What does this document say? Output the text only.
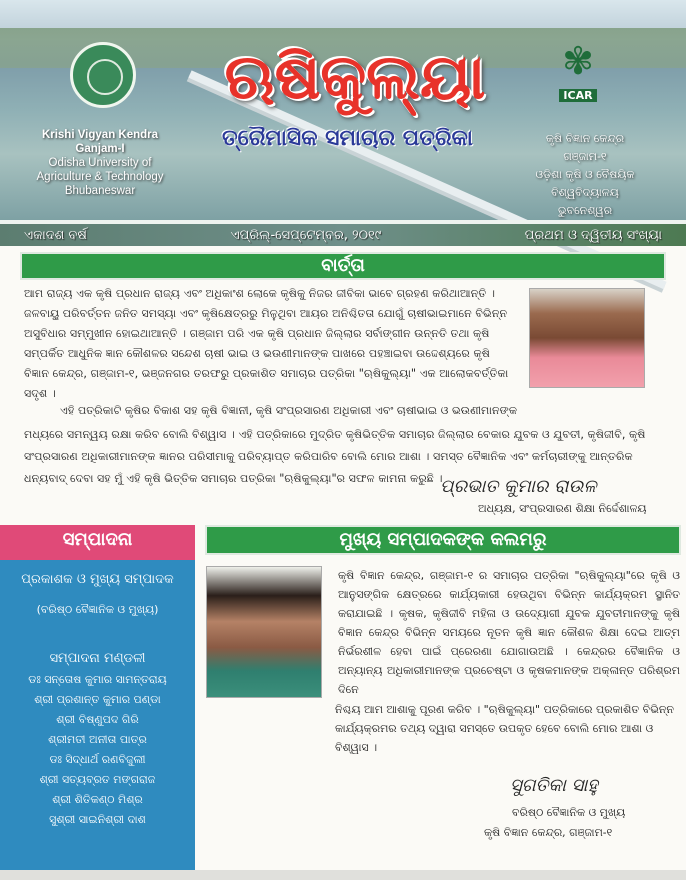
✾
ICAR
ଋଷିକୁଲ୍ୟା
ତ୍ରୈମାସିକ ସମାଚାର ପତ୍ରିକା
Krishi Vigyan Kendra
Ganjam-I
Odisha University of
Agriculture & Technology
Bhubaneswar
କୃଷି ବିଜ୍ଞାନ କେନ୍ଦ୍ର
ଗଞ୍ଜାମ-୧
ଓଡ଼ିଶା କୃଷି ଓ ବୈଷୟିକ ବିଶ୍ୱବିଦ୍ୟାଳୟ
ଭୁବନେଶ୍ୱର
ଏକାଦଶ ବର୍ଷ	ଏପ୍ରିଲ୍-ସେପ୍ଟେମ୍ବର, ୨୦୧୯	ପ୍ରଥମ ଓ ଦ୍ୱିତୀୟ ସଂଖ୍ୟା
ବାର୍ତ୍ତା
ଆମ ରାଜ୍ୟ ଏକ କୃଷି ପ୍ରଧାନ ରାଜ୍ୟ ଏବଂ ଅଧିକାଂଶ ଲୋକେ କୃଷିକୁ ନିଜର ଜୀବିକା ଭାବେ ଗ୍ରହଣ କରିଥାଆନ୍ତି । ଜଳବାୟୁ ପରିବର୍ତ୍ତନ ଜନିତ ସମସ୍ୟା ଏବଂ କୃଷିକ୍ଷେତ୍ରରୁ ମିଳୁଥିବା ଆୟର ଅନିଶ୍ଚିତତା ଯୋଗୁଁ ଚାଷୀଭାଇମାନେ ବିଭିନ୍ନ ଅସୁବିଧାର ସମ୍ମୁଖୀନ ହୋଇଥାଆନ୍ତି । ଗଞ୍ଜାମ ପରି ଏକ କୃଷି ପ୍ରଧାନ ଜିଲ୍ଲାର ସର୍ବାଙ୍ଗୀନ ଉନ୍ନତି ତଥା କୃଷି ସମ୍ପର୍କିତ ଆଧୁନିକ ଜ୍ଞାନ କୌଶଳର ସନ୍ଦେଶ ଚାଷୀ ଭାଇ ଓ ଭଉଣୀମାନଙ୍କ ପାଖରେ ପହଞ୍ଚାଇବା ଉଦ୍ଦେଶ୍ୟରେ କୃଷି ବିଜ୍ଞାନ କେନ୍ଦ୍ର, ଗଞ୍ଜାମ-୧, ଭଞ୍ଜନଗର ତରଫରୁ ପ୍ରକାଶିତ ସମାଚାର ପତ୍ରିକା "ଋଷିକୁଲ୍ୟା" ଏକ ଆଲୋକବର୍ତ୍ତିକା ସଦୃଶ ।
ଏହି ପତ୍ରିକାଟି କୃଷିର ବିକାଶ ସହ କୃଷି ବିଜ୍ଞାନୀ, କୃଷି ସଂପ୍ରସାରଣ ଅଧିକାରୀ ଏବଂ ଚାଷୀଭାଇ ଓ ଭଉଣୀମାନଙ୍କ
ମଧ୍ୟରେ ସମନ୍ୱୟ ରକ୍ଷା କରିବ ବୋଲି ବିଶ୍ୱାସ । ଏହି ପତ୍ରିକାରେ ମୁଦ୍ରିତ କୃଷିଭିତ୍ତିକ ସମାଚାର ଜିଲ୍ଲାର ବେକାର ଯୁବକ ଓ ଯୁବତୀ, କୃଷିଜୀବି, କୃଷି ସଂପ୍ରସାରଣ ଅଧିକାରୀମାନଙ୍କ ଜ୍ଞାନର ପରିସୀମାକୁ ପରିବ୍ୟାପ୍ତ କରିପାରିବ ବୋଲି ମୋର ଆଶା । ସମସ୍ତ ବୈଜ୍ଞାନିକ ଏବଂ କର୍ମଚାରୀଙ୍କୁ ଆନ୍ତରିକ ଧନ୍ୟବାଦ୍ ଦେବା ସହ ମୁଁ ଏହି କୃଷି ଭିତ୍ତିକ ସମାଚାର ପତ୍ରିକା "ଋଷିକୁଲ୍ୟା"ର ସଫଳ କାମନା କରୁଛି ।
ପ୍ରଭାତ କୁମାର ରାଉଳ
ଅଧ୍ୟକ୍ଷ, ସଂପ୍ରସାରଣ ଶିକ୍ଷା ନିର୍ଦ୍ଦେଶାଳୟ
ସମ୍ପାଦନା
ପ୍ରକାଶକ ଓ ମୁଖ୍ୟ ସମ୍ପାଦକ
(ବରିଷ୍ଠ ବୈଜ୍ଞାନିକ ଓ ମୁଖ୍ୟ)
ସମ୍ପାଦନା ମଣ୍ଡଳୀ
ଡଃ ସନ୍ତୋଷ କୁମାର ସାମନ୍ତରାୟ
ଶ୍ରୀ ପ୍ରଶାନ୍ତ କୁମାର ପଣ୍ଡା
ଶ୍ରୀ ବିଷ୍ଣୁପଦ ଗିରି
ଶ୍ରୀମତୀ ଅନୀତା ପାତ୍ର
ଡଃ ସିଦ୍ଧାର୍ଥ ରଣବିଜୁଲୀ
ଶ୍ରୀ ସତ୍ୟବ୍ରତ ମଙ୍ଗରାଜ
ଶ୍ରୀ ଶିତିକଣ୍ଠ ମିଶ୍ର
ସୁଶ୍ରୀ ସାଇନିଶ୍ରୀ ଦାଶ
ମୁଖ୍ୟ ସମ୍ପାଦକଙ୍କ କଲମରୁ
କୃଷି ବିଜ୍ଞାନ କେନ୍ଦ୍ର, ଗଞ୍ଜାମ-୧ ର ସମାଚାର ପତ୍ରିକା "ଋଷିକୁଲ୍ୟା"ରେ କୃଷି ଓ ଆନୁସଙ୍ଗିକ କ୍ଷେତ୍ରରେ କାର୍ଯ୍ୟକାରୀ ହେଉଥିବା ବିଭିନ୍ନ କାର୍ଯ୍ୟକ୍ରମ ସ୍ଥାନିତ କରାଯାଇଛି । କୃଷକ, କୃଷିଜୀବି ମହିଳା ଓ ଉଦ୍ୟୋଗୀ ଯୁବକ ଯୁବତୀମାନଙ୍କୁ କୃଷି ବିଜ୍ଞାନ କେନ୍ଦ୍ର ବିଭିନ୍ନ ସମୟରେ ନୂତନ କୃଷି ଜ୍ଞାନ କୌଶଳ ଶିକ୍ଷା ଦେଇ ଆତ୍ମ ନିର୍ଭରଶୀଳ ହେବା ପାଇଁ ପ୍ରେରଣା ଯୋଗାଉଅଛି । କେନ୍ଦ୍ରର ବୈଜ୍ଞାନିକ ଓ ଅନ୍ୟାନ୍ୟ ଅଧିକାରୀମାନଙ୍କ ପ୍ରଚେଷ୍ଟା ଓ କୃଷକମାନଙ୍କ ଅକ୍ଳାନ୍ତ ପରିଶ୍ରମ ଦିନେ
ନିଶ୍ଚୟ ଆମ ଆଶାକୁ ପୂରଣ କରିବ । "ଋଷିକୁଲ୍ୟା" ପତ୍ରିକାରେ ପ୍ରକାଶିତ ବିଭିନ୍ନ କାର୍ଯ୍ୟକ୍ରମର ତଥ୍ୟ ଦ୍ୱାରା ସମସ୍ତେ ଉପକୃତ ହେବେ ବୋଲି ମୋର ଆଶା ଓ ବିଶ୍ୱାସ ।
ସୁଗତିକା ସାହୁ
ବରିଷ୍ଠ ବୈଜ୍ଞାନିକ ଓ ମୁଖ୍ୟ
କୃଷି ବିଜ୍ଞାନ କେନ୍ଦ୍ର, ଗଞ୍ଜାମ-୧
